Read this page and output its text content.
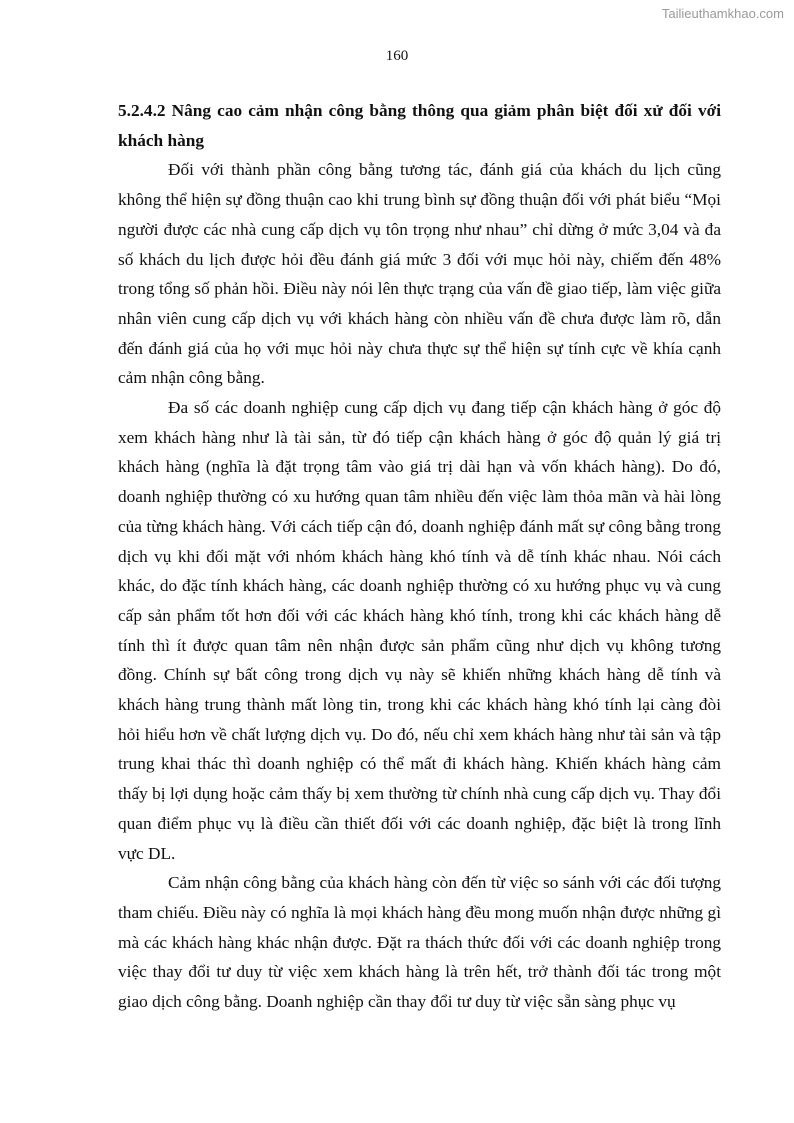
Tailieuthamkhao.com
160

5.2.4.2 Nâng cao cảm nhận công bằng thông qua giảm phân biệt đối xử đối với khách hàng

Đối với thành phần công bằng tương tác, đánh giá của khách du lịch cũng không thể hiện sự đồng thuận cao khi trung bình sự đồng thuận đối với phát biểu “Mọi người được các nhà cung cấp dịch vụ tôn trọng như nhau” chỉ dừng ở mức 3,04 và đa số khách du lịch được hỏi đều đánh giá mức 3 đối với mục hỏi này, chiếm đến 48% trong tổng số phản hồi. Điều này nói lên thực trạng của vấn đề giao tiếp, làm việc giữa nhân viên cung cấp dịch vụ với khách hàng còn nhiều vấn đề chưa được làm rõ, dẫn đến đánh giá của họ với mục hỏi này chưa thực sự thể hiện sự tính cực về khía cạnh cảm nhận công bằng.

Đa số các doanh nghiệp cung cấp dịch vụ đang tiếp cận khách hàng ở góc độ xem khách hàng như là tài sản, từ đó tiếp cận khách hàng ở góc độ quản lý giá trị khách hàng (nghĩa là đặt trọng tâm vào giá trị dài hạn và vốn khách hàng). Do đó, doanh nghiệp thường có xu hướng quan tâm nhiều đến việc làm thỏa mãn và hài lòng của từng khách hàng. Với cách tiếp cận đó, doanh nghiệp đánh mất sự công bằng trong dịch vụ khi đối mặt với nhóm khách hàng khó tính và dễ tính khác nhau. Nói cách khác, do đặc tính khách hàng, các doanh nghiệp thường có xu hướng phục vụ và cung cấp sản phẩm tốt hơn đối với các khách hàng khó tính, trong khi các khách hàng dễ tính thì ít được quan tâm nên nhận được sản phẩm cũng như dịch vụ không tương đồng. Chính sự bất công trong dịch vụ này sẽ khiến những khách hàng dễ tính và khách hàng trung thành mất lòng tin, trong khi các khách hàng khó tính lại càng đòi hỏi hiểu hơn về chất lượng dịch vụ. Do đó, nếu chỉ xem khách hàng như tài sản và tập trung khai thác thì doanh nghiệp có thể mất đi khách hàng. Khiến khách hàng cảm thấy bị lợi dụng hoặc cảm thấy bị xem thường từ chính nhà cung cấp dịch vụ. Thay đổi quan điểm phục vụ là điều cần thiết đối với các doanh nghiệp, đặc biệt là trong lĩnh vực DL.

Cảm nhận công bằng của khách hàng còn đến từ việc so sánh với các đối tượng tham chiếu. Điều này có nghĩa là mọi khách hàng đều mong muốn nhận được những gì mà các khách hàng khác nhận được. Đặt ra thách thức đối với các doanh nghiệp trong việc thay đổi tư duy từ việc xem khách hàng là trên hết, trở thành đối tác trong một giao dịch công bằng. Doanh nghiệp cần thay đổi tư duy từ việc sẵn sàng phục vụ
